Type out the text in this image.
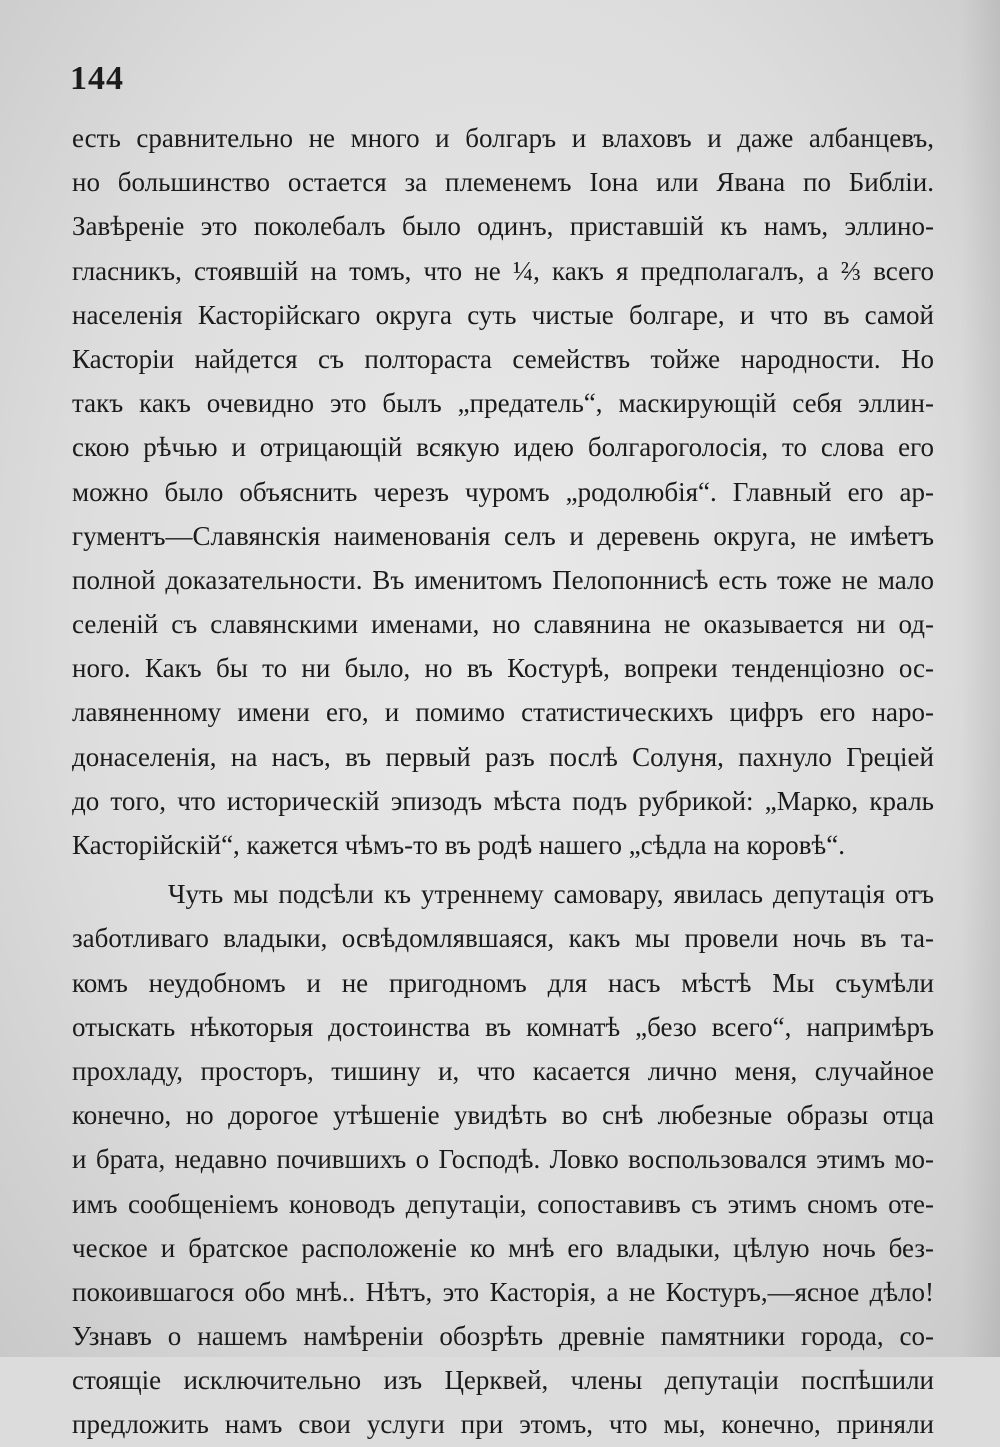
144

есть сравнительно не много и болгаръ и влаховъ и даже албанцевъ,
но большинство остается за племенемъ Iона или Явана по Библiи.
Завѣренiе это поколебалъ было одинъ, приставшiй къ намъ, эллино-
гласникъ, стоявшiй на томъ, что не ¼, какъ я предполагалъ, а ⅔ всего
населенiя Касторiйскаго округа суть чистые болгаре, и что въ самой
Касторiи найдется съ полтораста семействъ тойже народности. Но
такъ какъ очевидно это былъ „предатель“, маскирующiй себя эллин-
скою рѣчью и отрицающiй всякую идею болгароголосiя, то слова его
можно было объяснить черезъ чуромъ „родолюбiя“. Главный его ар-
гументъ—Славянскiя наименованiя селъ и деревень округа, не имѣетъ
полной доказательности. Въ именитомъ Пелопоннисѣ есть тоже не мало
селенiй съ славянскими именами, но славянина не оказывается ни од-
ного. Какъ бы то ни было, но въ Костурѣ, вопреки тенденцiозно ос-
лавяненному имени его, и помимо статистическихъ цифръ его наро-
донаселенiя, на насъ, въ первый разъ послѣ Солуня, пахнуло Грецiей
до того, что историческiй эпизодъ мѣста подъ рубрикой: „Марко, краль
Касторiйскiй“, кажется чѣмъ-то въ родѣ нашего „сѣдла на коровѣ“.
Чуть мы подсѣли къ утреннему самовару, явилась депутацiя отъ
заботливаго владыки, освѣдомлявшаяся, какъ мы провели ночь въ та-
комъ неудобномъ и не пригодномъ для насъ мѣстѣ Мы съумѣли
отыскать нѣкоторыя достоинства въ комнатѣ „безо всего“, напримѣръ
прохладу, просторъ, тишину и, что касается лично меня, случайное
конечно, но дорогое утѣшенiе увидѣть во снѣ любезные образы отца
и брата, недавно почившихъ о Господѣ. Ловко воспользовался этимъ мо-
имъ сообщенiемъ коноводъ депутацiи, сопоставивъ съ этимъ сномъ оте-
ческое и братское расположенiе ко мнѣ его владыки, цѣлую ночь без-
покоившагося обо мнѣ.. Нѣтъ, это Касторiя, а не Костуръ,—ясное дѣло!
Узнавъ о нашемъ намѣренiи обозрѣть древнiе памятники города, со-
стоящiе исключительно изъ Церквей, члены депутацiи поспѣшили
предложить намъ свои услуги при этомъ, что мы, конечно, приняли
